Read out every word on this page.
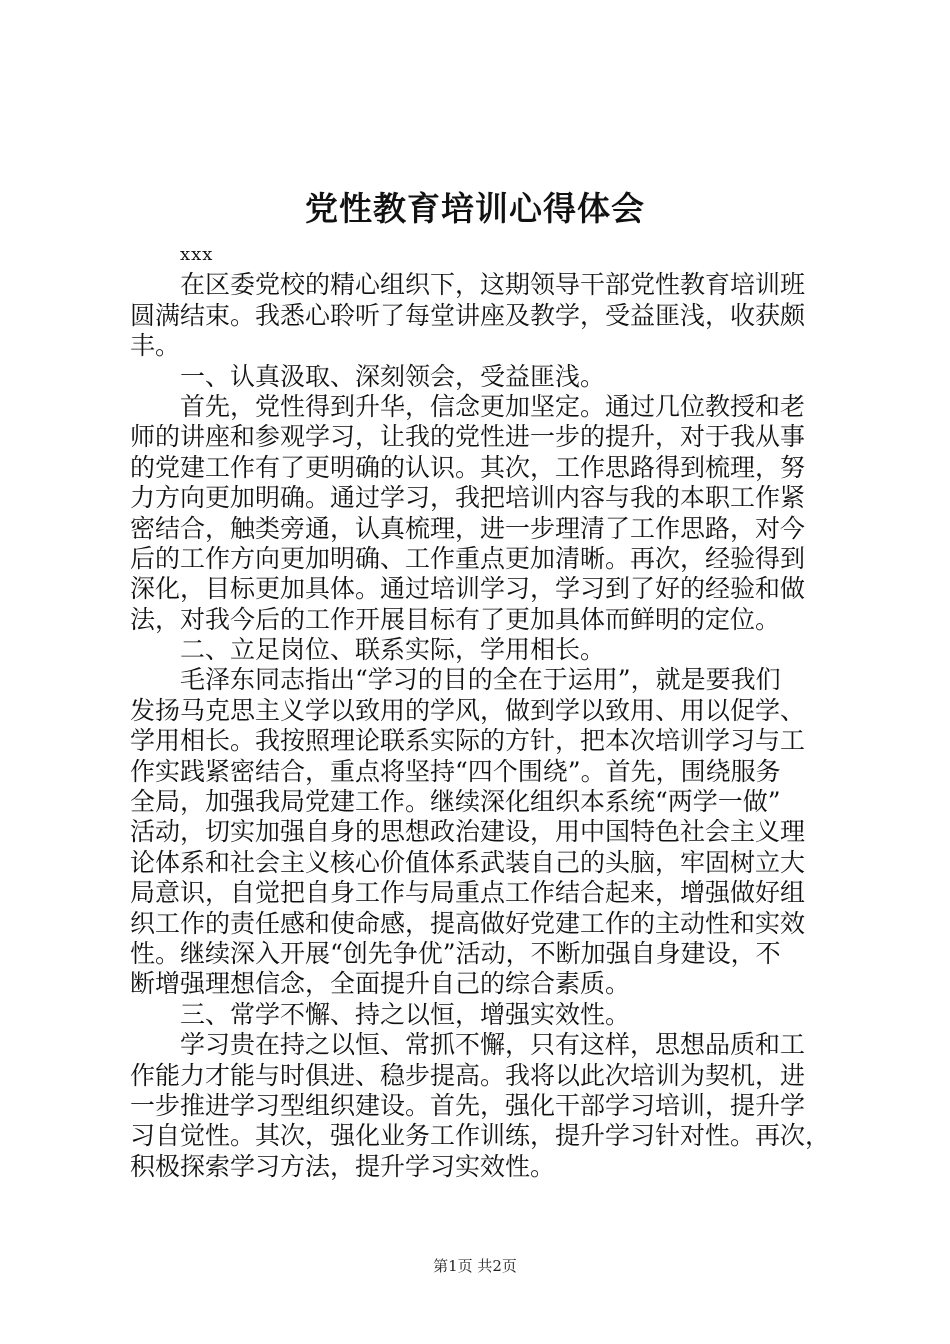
党性教育培训心得体会
xxx
　　在区委党校的精心组织下，这期领导干部党性教育培训班
圆满结束。我悉心聆听了每堂讲座及教学，受益匪浅，收获颇
丰。
　　一、认真汲取、深刻领会，受益匪浅。
　　首先，党性得到升华，信念更加坚定。通过几位教授和老
师的讲座和参观学习，让我的党性进一步的提升，对于我从事
的党建工作有了更明确的认识。其次，工作思路得到梳理，努
力方向更加明确。通过学习，我把培训内容与我的本职工作紧
密结合，触类旁通，认真梳理，进一步理清了工作思路，对今
后的工作方向更加明确、工作重点更加清晰。再次，经验得到
深化，目标更加具体。通过培训学习，学习到了好的经验和做
法，对我今后的工作开展目标有了更加具体而鲜明的定位。
　　二、立足岗位、联系实际，学用相长。
　　毛泽东同志指出“学习的目的全在于运用”，就是要我们
发扬马克思主义学以致用的学风，做到学以致用、用以促学、
学用相长。我按照理论联系实际的方针，把本次培训学习与工
作实践紧密结合，重点将坚持“四个围绕”。首先，围绕服务
全局，加强我局党建工作。继续深化组织本系统“两学一做”
活动，切实加强自身的思想政治建设，用中国特色社会主义理
论体系和社会主义核心价值体系武装自己的头脑，牢固树立大
局意识，自觉把自身工作与局重点工作结合起来，增强做好组
织工作的责任感和使命感，提高做好党建工作的主动性和实效
性。继续深入开展“创先争优”活动，不断加强自身建设，不
断增强理想信念，全面提升自己的综合素质。
　　三、常学不懈、持之以恒，增强实效性。
　　学习贵在持之以恒、常抓不懈，只有这样，思想品质和工
作能力才能与时俱进、稳步提高。我将以此次培训为契机，进
一步推进学习型组织建设。首先，强化干部学习培训，提升学
习自觉性。其次，强化业务工作训练，提升学习针对性。再次，
积极探索学习方法，提升学习实效性。
第1页 共2页
